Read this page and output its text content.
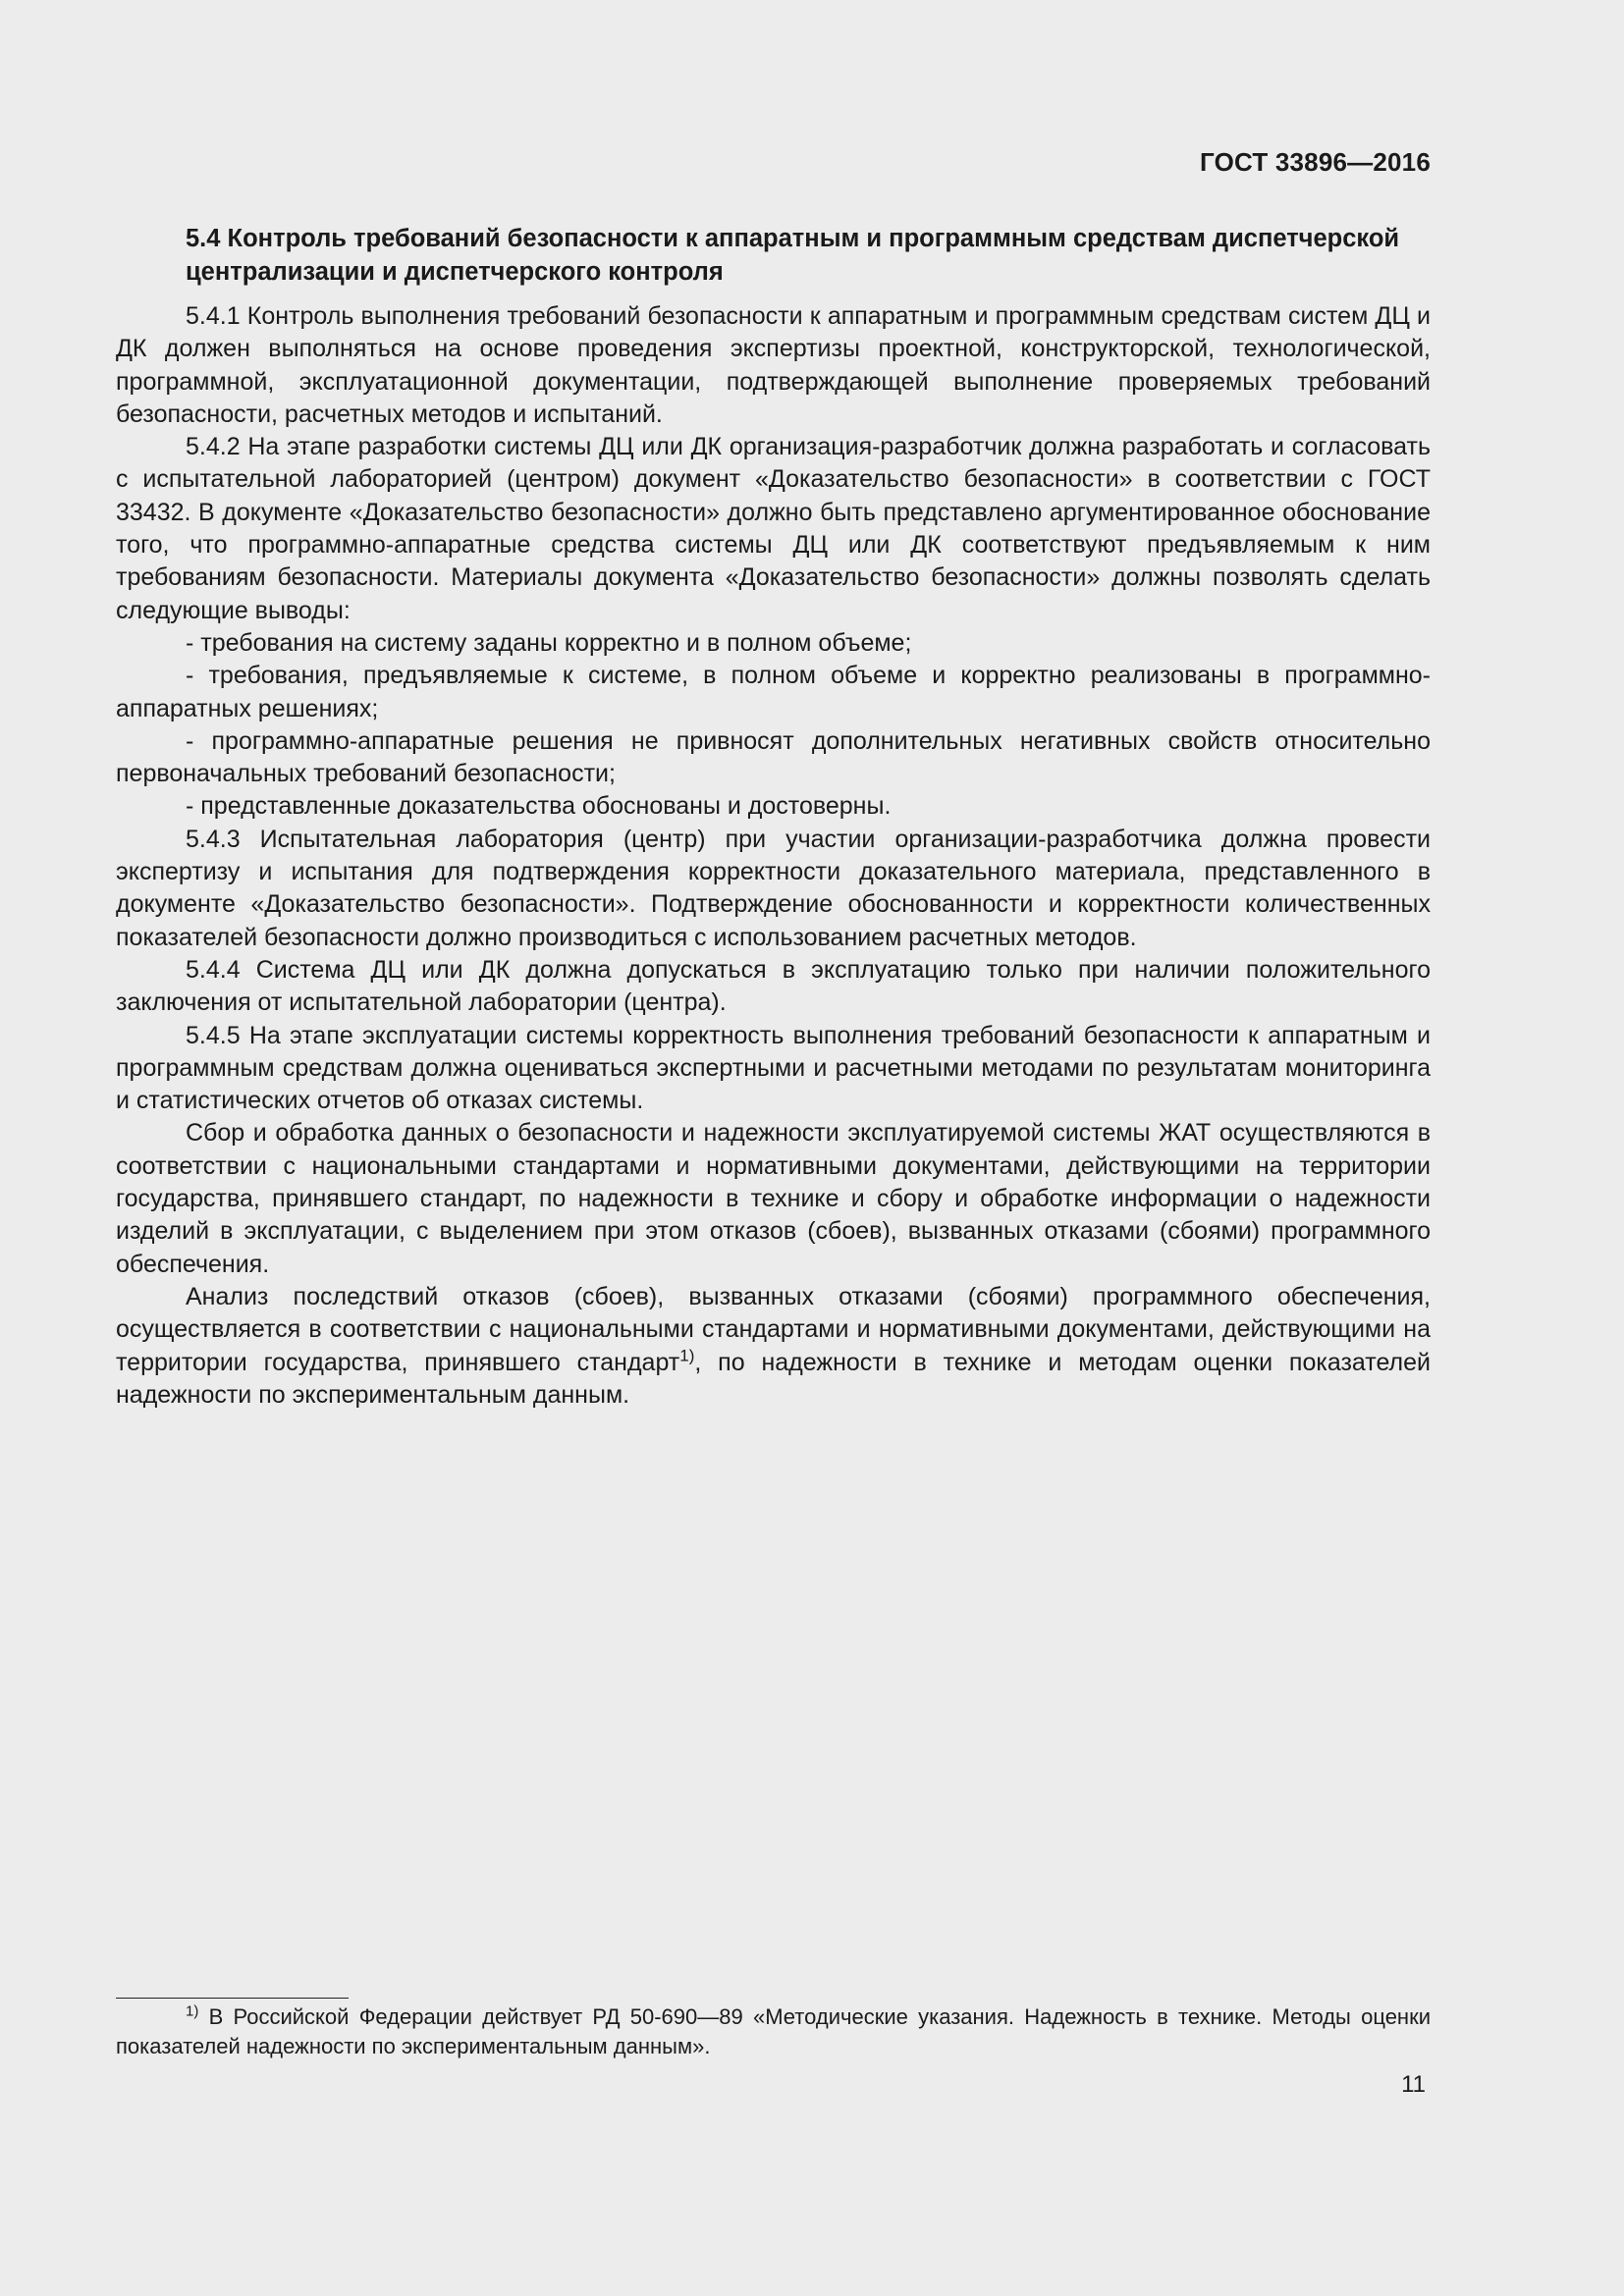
ГОСТ 33896—2016

5.4 Контроль требований безопасности к аппаратным и программным средствам диспетчерской централизации и диспетчерского контроля

5.4.1 Контроль выполнения требований безопасности к аппаратным и программным средствам систем ДЦ и ДК должен выполняться на основе проведения экспертизы проектной, конструкторской, технологической, программной, эксплуатационной документации, подтверждающей выполнение проверяемых требований безопасности, расчетных методов и испытаний.

5.4.2 На этапе разработки системы ДЦ или ДК организация-разработчик должна разработать и согласовать с испытательной лабораторией (центром) документ «Доказательство безопасности» в соответствии с ГОСТ 33432. В документе «Доказательство безопасности» должно быть представлено аргументированное обоснование того, что программно-аппаратные средства системы ДЦ или ДК соответствуют предъявляемым к ним требованиям безопасности. Материалы документа «Доказательство безопасности» должны позволять сделать следующие выводы:

- требования на систему заданы корректно и в полном объеме;

- требования, предъявляемые к системе, в полном объеме и корректно реализованы в программно-аппаратных решениях;

- программно-аппаратные решения не привносят дополнительных негативных свойств относительно первоначальных требований безопасности;

- представленные доказательства обоснованы и достоверны.

5.4.3 Испытательная лаборатория (центр) при участии организации-разработчика должна провести экспертизу и испытания для подтверждения корректности доказательного материала, представленного в документе «Доказательство безопасности». Подтверждение обоснованности и корректности количественных показателей безопасности должно производиться с использованием расчетных методов.

5.4.4 Система ДЦ или ДК должна допускаться в эксплуатацию только при наличии положительного заключения от испытательной лаборатории (центра).

5.4.5 На этапе эксплуатации системы корректность выполнения требований безопасности к аппаратным и программным средствам должна оцениваться экспертными и расчетными методами по результатам мониторинга и статистических отчетов об отказах системы.

Сбор и обработка данных о безопасности и надежности эксплуатируемой системы ЖАТ осуществляются в соответствии с национальными стандартами и нормативными документами, действующими на территории государства, принявшего стандарт, по надежности в технике и сбору и обработке информации о надежности изделий в эксплуатации, с выделением при этом отказов (сбоев), вызванных отказами (сбоями) программного обеспечения.

Анализ последствий отказов (сбоев), вызванных отказами (сбоями) программного обеспечения, осуществляется в соответствии с национальными стандартами и нормативными документами, действующими на территории государства, принявшего стандарт$^{1)}$, по надежности в технике и методам оценки показателей надежности по экспериментальным данным.

$^{1)}$ В Российской Федерации действует РД 50-690—89 «Методические указания. Надежность в технике. Методы оценки показателей надежности по экспериментальным данным».

11
